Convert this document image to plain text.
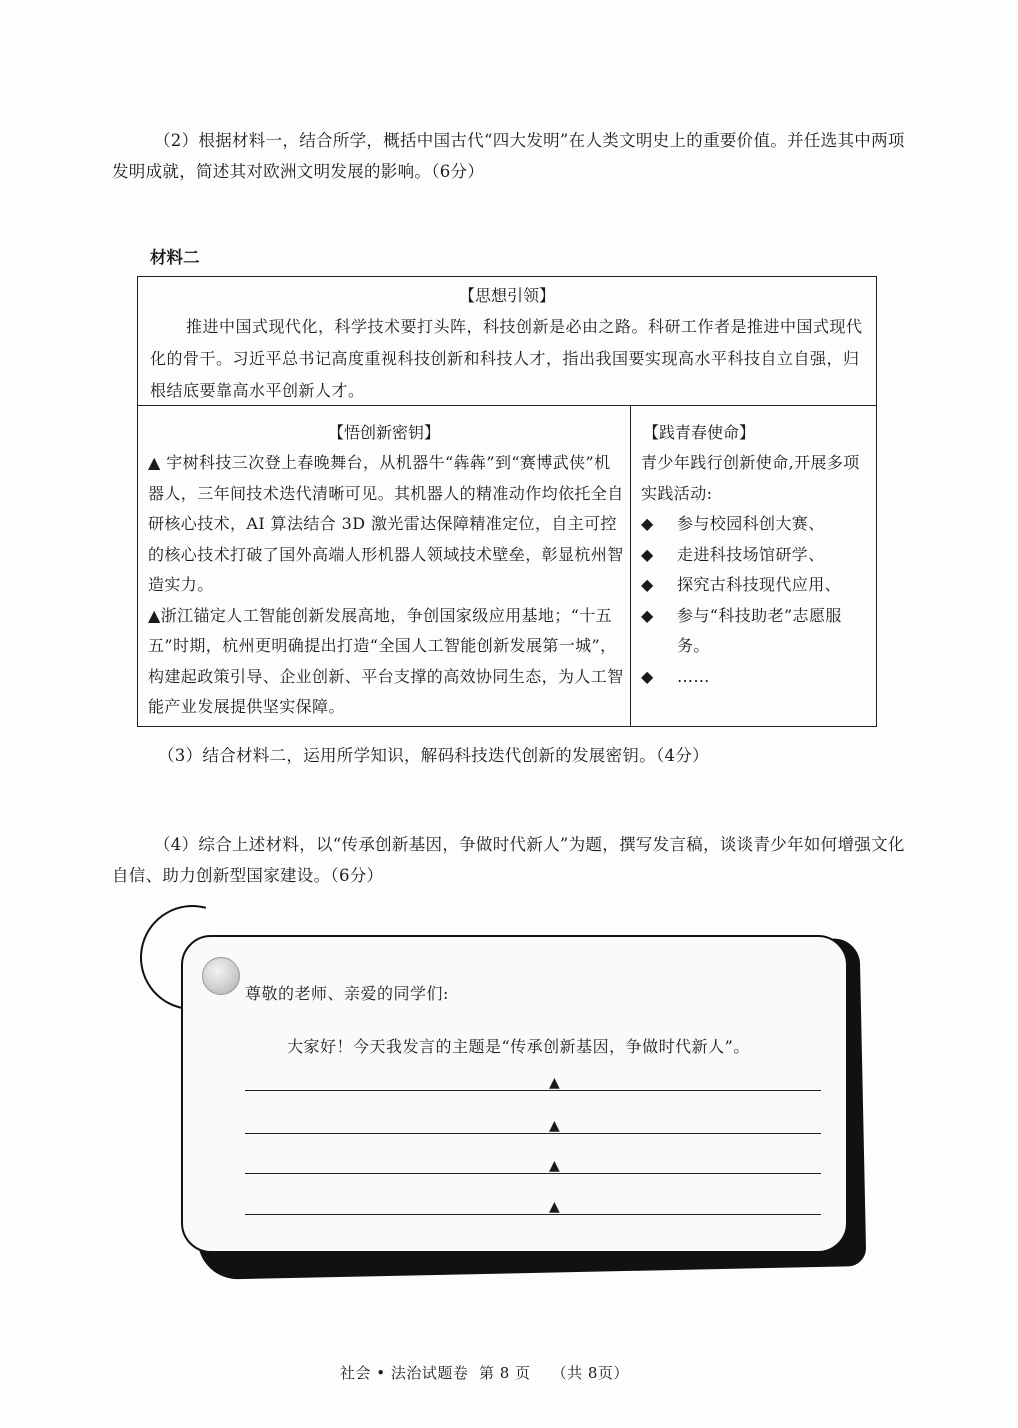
（2）根据材料一，结合所学，概括中国古代“四大发明”在人类文明史上的重要价值。并任选其中两项发明成就，简述其对欧洲文明发展的影响。（6分）
材料二
【思想引领】

推进中国式现代化，科学技术要打头阵，科技创新是必由之路。科研工作者是推进中国式现代化的骨干。习近平总书记高度重视科技创新和科技人才，指出我国要实现高水平科技自立自强，归根结底要靠高水平创新人才。

【悟创新密钥】

▲ 宇树科技三次登上春晚舞台，从机器牛“犇犇”到“赛博武侠”机器人，三年间技术迭代清晰可见。其机器人的精准动作均依托全自研核心技术，AI 算法结合 3D 激光雷达保障精准定位，自主可控的核心技术打破了国外高端人形机器人领域技术壁垒，彰显杭州智造实力。

▲浙江锚定人工智能创新发展高地，争创国家级应用基地；“十五五”时期，杭州更明确提出打造“全国人工智能创新发展第一城”，构建起政策引导、企业创新、平台支撑的高效协同生态，为人工智能产业发展提供坚实保障。

【践青春使命】

青少年践行创新使命,开展多项实践活动:

◆ 参与校园科创大赛、
◆ 走进科技场馆研学、
◆ 探究古科技现代应用、
◆ 参与“科技助老”志愿服务。
◆ ……
（3）结合材料二，运用所学知识，解码科技迭代创新的发展密钥。（4分）
（4）综合上述材料，以“传承创新基因，争做时代新人”为题，撰写发言稿，谈谈青少年如何增强文化自信、助力创新型国家建设。（6分）
尊敬的老师、亲爱的同学们:
大家好！今天我发言的主题是“传承创新基因，争做时代新人”。
▲
▲
▲
▲
社会 • 法治试题卷 第 8 页 （共 8页）
